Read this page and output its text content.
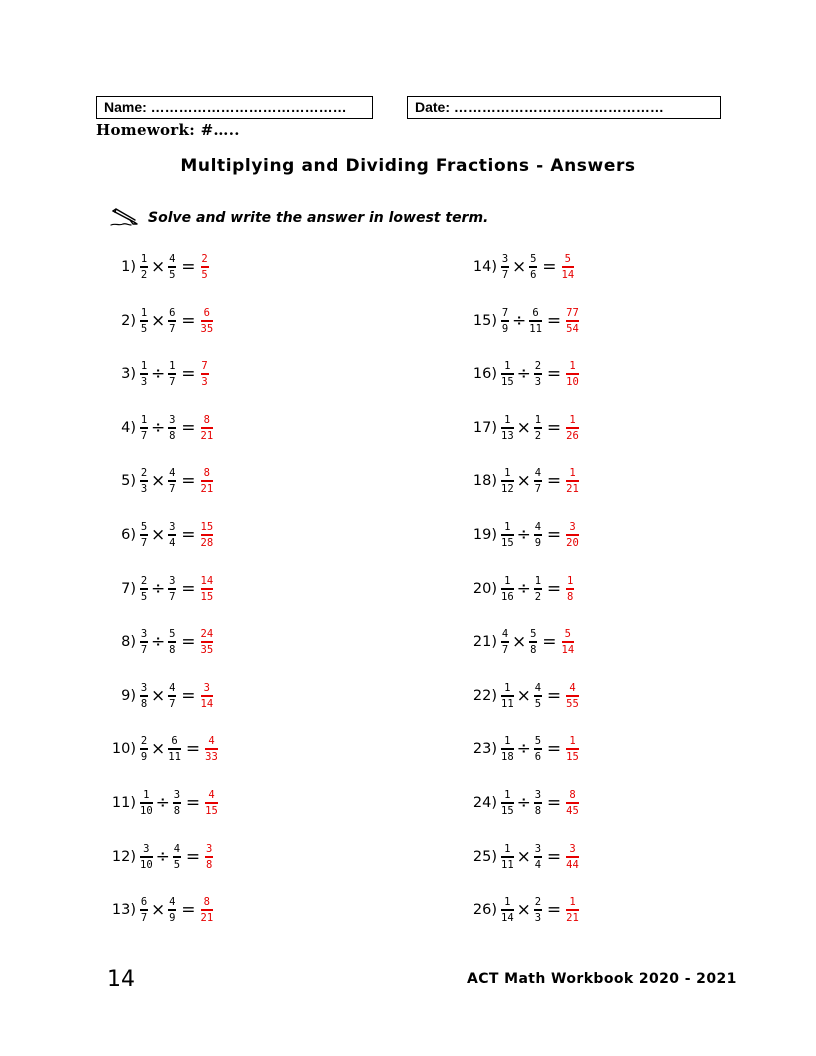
Name: ……………………………………	Date: ………………………………………
Homework: #…..
Multiplying and Dividing Fractions - Answers
Solve and write the answer in lowest term.
1) 1
2 × 4
5 = 2
5
2) 1
5 × 6
7 = 6
35
3) 1
3 ÷ 1
7 = 7
3
4) 1
7 ÷ 3
8 = 8
21
5) 2
3 × 4
7 = 8
21
6) 5
7 × 3
4 = 15
28
7) 2
5 ÷ 3
7 = 14
15
8) 3
7 ÷ 5
8 = 24
35
9) 3
8 × 4
7 = 3
14
10) 2
9 × 6
11 = 4
33
11) 1
10 ÷ 3
8 = 4
15
12) 3
10 ÷ 4
5 = 3
8
13) 6
7 × 4
9 = 8
21
14) 3
7 × 5
6 = 5
14
15) 7
9 ÷ 6
11 = 77
54
16) 1
15 ÷ 2
3 = 1
10
17) 1
13 × 1
2 = 1
26
18) 1
12 × 4
7 = 1
21
19) 1
15 ÷ 4
9 = 3
20
20) 1
16 ÷ 1
2 = 1
8
21) 4
7 × 5
8 = 5
14
22) 1
11 × 4
5 = 4
55
23) 1
18 ÷ 5
6 = 1
15
24) 1
15 ÷ 3
8 = 8
45
25) 1
11 × 3
4 = 3
44
26) 1
14 × 2
3 = 1
21
14	ACT Math Workbook 2020 - 2021
